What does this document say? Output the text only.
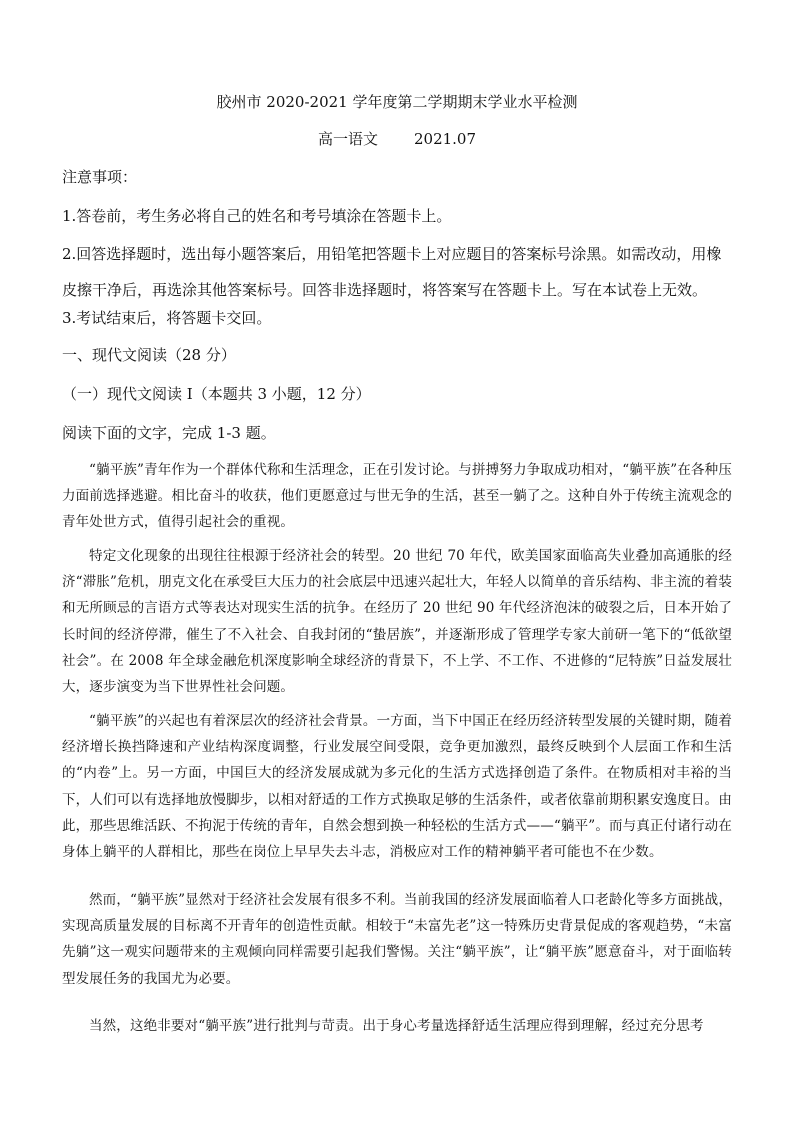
胶州市 2020-2021 学年度第二学期期末学业水平检测
高一语文 2021.07
注意事项：
1.答卷前，考生务必将自己的姓名和考号填涂在答题卡上。
2.回答选择题时，选出每小题答案后，用铅笔把答题卡上对应题目的答案标号涂黑。如需改动，用橡皮擦干净后，再选涂其他答案标号。回答非选择题时，将答案写在答题卡上。写在本试卷上无效。
3.考试结束后，将答题卡交回。
一、现代文阅读（28 分）
（一）现代文阅读 I（本题共 3 小题，12 分）
阅读下面的文字，完成 1-3 题。
“躺平族”青年作为一个群体代称和生活理念，正在引发讨论。与拼搏努力争取成功相对，“躺平族”在各种压力面前选择逃避。相比奋斗的收获，他们更愿意过与世无争的生活，甚至一躺了之。这种自外于传统主流观念的青年处世方式，值得引起社会的重视。
特定文化现象的出现往往根源于经济社会的转型。20 世纪 70 年代，欧美国家面临高失业叠加高通胀的经济“滞胀”危机，朋克文化在承受巨大压力的社会底层中迅速兴起壮大，年轻人以简单的音乐结构、非主流的着装和无所顾忌的言语方式等表达对现实生活的抗争。在经历了 20 世纪 90 年代经济泡沫的破裂之后，日本开始了长时间的经济停滞，催生了不入社会、自我封闭的“蛰居族”，并逐渐形成了管理学专家大前研一笔下的“低欲望社会”。在 2008 年全球金融危机深度影响全球经济的背景下，不上学、不工作、不进修的“尼特族”日益发展壮大，逐步演变为当下世界性社会问题。
“躺平族”的兴起也有着深层次的经济社会背景。一方面，当下中国正在经历经济转型发展的关键时期，随着经济增长换挡降速和产业结构深度调整，行业发展空间受限，竞争更加激烈，最终反映到个人层面工作和生活的“内卷”上。另一方面，中国巨大的经济发展成就为多元化的生活方式选择创造了条件。在物质相对丰裕的当下，人们可以有选择地放慢脚步，以相对舒适的工作方式换取足够的生活条件，或者依靠前期积累安逸度日。由此，那些思维活跃、不拘泥于传统的青年，自然会想到换一种轻松的生活方式——“躺平”。而与真正付诸行动在身体上躺平的人群相比，那些在岗位上早早失去斗志，消极应对工作的精神躺平者可能也不在少数。
然而，“躺平族”显然对于经济社会发展有很多不利。当前我国的经济发展面临着人口老龄化等多方面挑战，实现高质量发展的目标离不开青年的创造性贡献。相较于“未富先老”这一特殊历史背景促成的客观趋势，“未富先躺”这一观实问题带来的主观倾向同样需要引起我们警惕。关注“躺平族”，让“躺平族”愿意奋斗，对于面临转型发展任务的我国尤为必要。
当然，这绝非要对“躺平族”进行批判与苛责。出于身心考量选择舒适生活理应得到理解，经过充分思考
